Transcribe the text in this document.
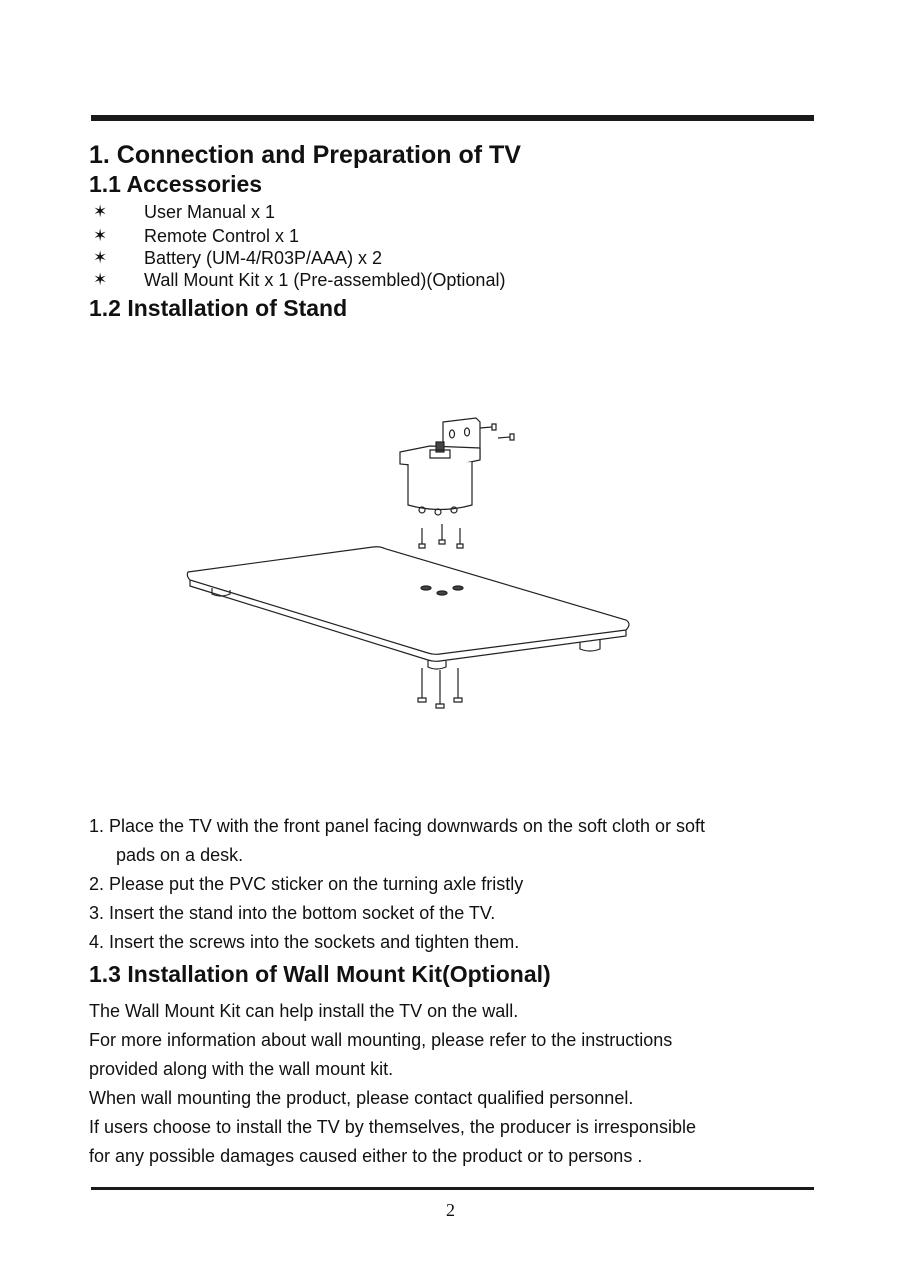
1. Connection and Preparation of TV
1.1 Accessories
✶	User Manual x 1
✶	Remote Control x 1
✶	Battery (UM-4/R03P/AAA) x 2
✶	Wall Mount Kit x 1 (Pre-assembled)(Optional)
1.2 Installation of Stand
1. Place the TV with the front panel facing downwards on the soft cloth or soft
pads on a desk.
2. Please put the PVC sticker on the turning axle fristly
3. Insert the stand into the bottom socket of the TV.
4. Insert the screws into the sockets and tighten them.
1.3 Installation of Wall Mount Kit(Optional)

The Wall Mount Kit can help install the TV on the wall.

For more information about wall mounting, please refer to the instructions

provided along with the wall mount kit.

When wall mounting the product, please contact qualified personnel.

If users choose to install the TV by themselves, the producer is irresponsible

for any possible damages caused either to the product or to persons .

2
